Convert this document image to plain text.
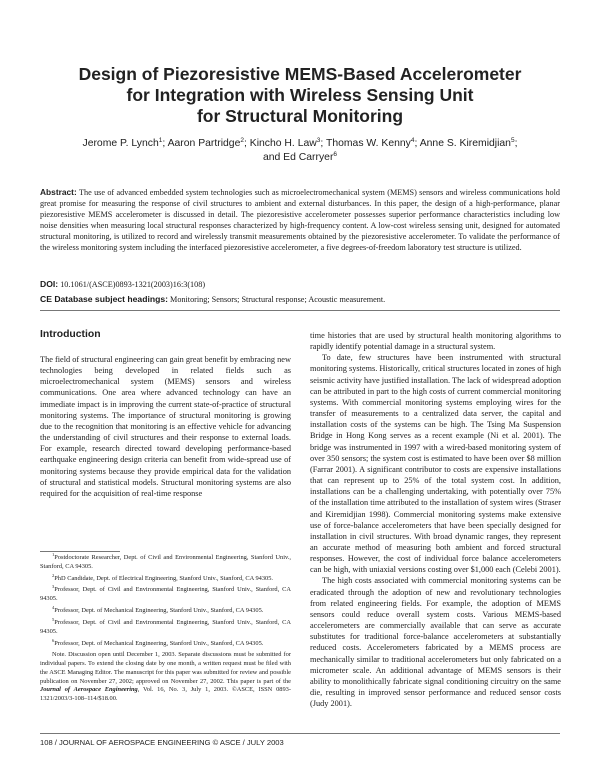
Design of Piezoresistive MEMS-Based Accelerometer
for Integration with Wireless Sensing Unit
for Structural Monitoring
Jerome P. Lynch$^1$; Aaron Partridge$^2$; Kincho H. Law$^3$; Thomas W. Kenny$^4$; Anne S. Kiremidjian$^5$;
and Ed Carryer$^6$
Abstract: The use of advanced embedded system technologies such as microelectromechanical system (MEMS) sensors and wireless communications hold great promise for measuring the response of civil structures to ambient and external disturbances. In this paper, the design of a high-performance, planar piezoresistive MEMS accelerometer is discussed in detail. The piezoresistive accelerometer possesses superior performance characteristics including low noise densities when measuring local structural responses characterized by high-frequency content. A low-cost wireless sensing unit, designed for automated structural monitoring, is utilized to record and wirelessly transmit measurements obtained by the piezoresistive accelerometer. To validate the performance of the wireless monitoring system including the interfaced piezoresistive accelerometer, a five degrees-of-freedom laboratory test structure is utilized.
DOI: 10.1061/(ASCE)0893-1321(2003)16:3(108)
CE Database subject headings: Monitoring; Sensors; Structural response; Acoustic measurement.
Introduction
The field of structural engineering can gain great benefit by embracing new technologies being developed in related fields such as microelectromechanical system (MEMS) sensors and wireless communications. One area where advanced technology can have an immediate impact is in improving the current state-of-practice of structural monitoring systems. The importance of structural monitoring is growing due to the recognition that monitoring is an effective vehicle for advancing the understanding of civil structures and their response to external loads. For example, research directed toward developing performance-based earthquake engineering design criteria can benefit from wide-spread use of monitoring systems because they provide empirical data for the validation of structural and statistical models. Structural monitoring systems are also required for the acquisition of real-time response

$^1$Postdoctorate Researcher, Dept. of Civil and Environmental Engineering, Stanford Univ., Stanford, CA 94305.

$^2$PhD Candidate, Dept. of Electrical Engineering, Stanford Univ., Stanford, CA 94305.

$^3$Professor, Dept. of Civil and Environmental Engineering, Stanford Univ., Stanford, CA 94305.

$^4$Professor, Dept. of Mechanical Engineering, Stanford Univ., Stanford, CA 94305.

$^5$Professor, Dept. of Civil and Environmental Engineering, Stanford Univ., Stanford, CA 94305.

$^6$Professor, Dept. of Mechanical Engineering, Stanford Univ., Stanford, CA 94305.

Note. Discussion open until December 1, 2003. Separate discussions must be submitted for individual papers. To extend the closing date by one month, a written request must be filed with the ASCE Managing Editor. The manuscript for this paper was submitted for review and possible publication on November 27, 2002; approved on November 27, 2002. This paper is part of the Journal of Aerospace Engineering, Vol. 16, No. 3, July 1, 2003. ©ASCE, ISSN 0893-1321/2003/3-108–114/$18.00.

time histories that are used by structural health monitoring algorithms to rapidly identify potential damage in a structural system.

To date, few structures have been instrumented with structural monitoring systems. Historically, critical structures located in zones of high seismic activity have justified installation. The lack of widespread adoption can be attributed in part to the high costs of current commercial monitoring systems. With commercial monitoring systems employing wires for the transfer of measurements to a centralized data server, the capital and installation costs of the systems can be high. The Tsing Ma Suspension Bridge in Hong Kong serves as a recent example (Ni et al. 2001). The bridge was instrumented in 1997 with a wired-based monitoring system of over 350 sensors; the system cost is estimated to have been over $8 million (Farrar 2001). A significant contributor to costs are expensive installations that can represent up to 25% of the total system cost. In addition, installations can be a challenging undertaking, with potentially over 75% of the installation time attributed to the installation of system wires (Straser and Kiremidjian 1998). Commercial monitoring systems make extensive use of force-balance accelerometers that have been specially designed for installation in civil structures. With broad dynamic ranges, they represent an accurate method of measuring both ambient and forced structural responses. However, the cost of individual force balance accelerometers can be high, with uniaxial versions costing over $1,000 each (Celebi 2001).

The high costs associated with commercial monitoring systems can be eradicated through the adoption of new and revolutionary technologies from related engineering fields. For example, the adoption of MEMS sensors could reduce overall system costs. Various MEMS-based accelerometers are commercially available that can serve as accurate substitutes for traditional force-balance accelerometers at substantially reduced costs. Accelerometers fabricated by a MEMS process are mechanically similar to traditional accelerometers but only fabricated on a micrometer scale. An additional advantage of MEMS sensors is their ability to monolithically fabricate signal conditioning circuitry on the same die, resulting in improved sensor performance and reduced sensor costs (Judy 2001).

108 / JOURNAL OF AEROSPACE ENGINEERING © ASCE / JULY 2003
